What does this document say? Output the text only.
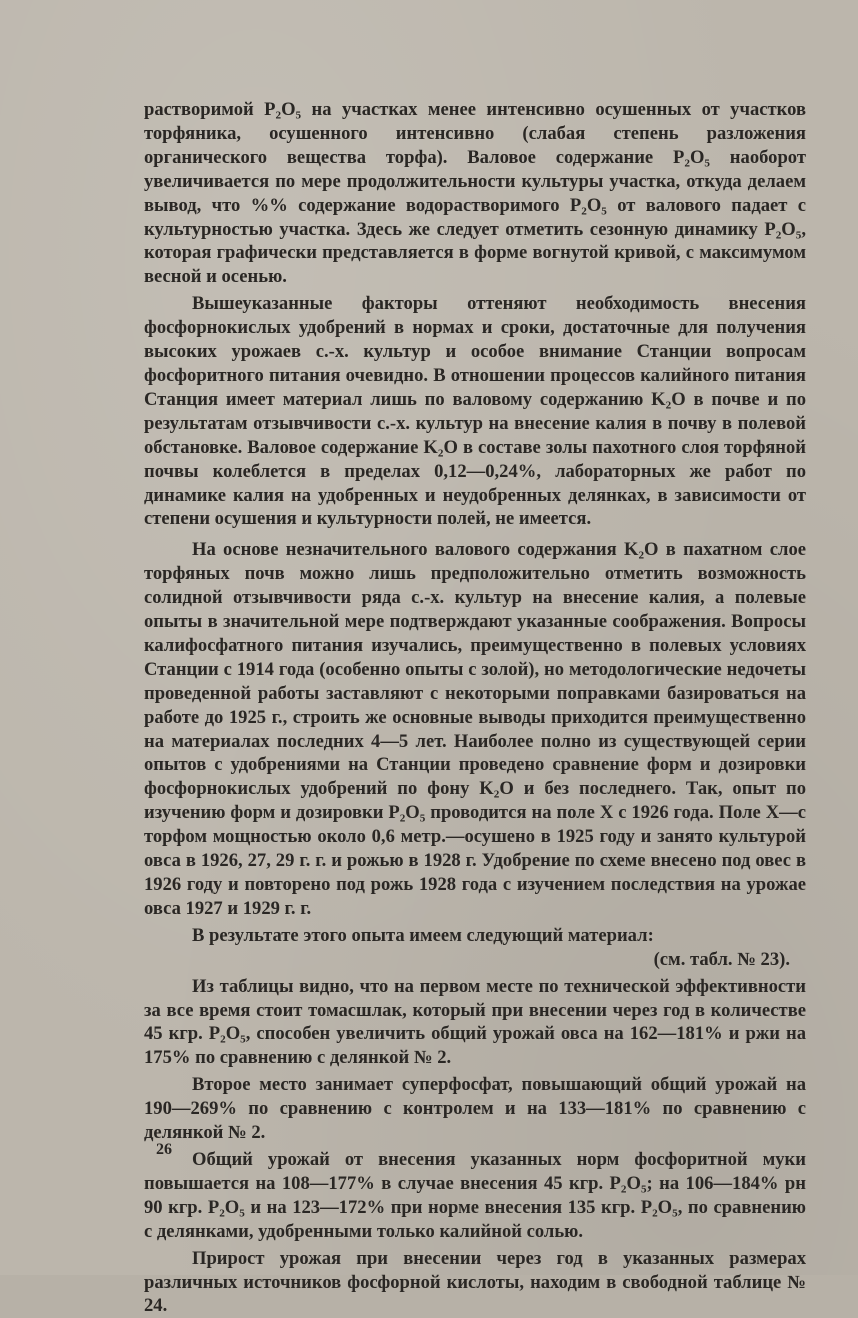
растворимой P₂O₅ на участках менее интенсивно осушенных от участков торфяника, осушенного интенсивно (слабая степень разложения органического вещества торфа). Валовое содержание P₂O₅ наоборот увеличивается по мере продолжительности культуры участка, откуда делаем вывод, что %% содержание водорастворимого P₂O₅ от валового падает с культурностью участка. Здесь же следует отметить сезонную динамику P₂O₅, которая графически представляется в форме вогнутой кривой, с максимумом весной и осенью.

Вышеуказанные факторы оттеняют необходимость внесения фосфорнокислых удобрений в нормах и сроки, достаточные для получения высоких урожаев с.-х. культур и особое внимание Станции вопросам фосфоритного питания очевидно. В отношении процессов калийного питания Станция имеет материал лишь по валовому содержанию K₂O в почве и по результатам отзывчивости с.-х. культур на внесение калия в почву в полевой обстановке. Валовое содержание K₂O в составе золы пахотного слоя торфяной почвы колеблется в пределах 0,12—0,24%, лабораторных же работ по динамике калия на удобренных и неудобренных делянках, в зависимости от степени осушения и культурности полей, не имеется.

На основе незначительного валового содержания K₂O в пахатном слое торфяных почв можно лишь предположительно отметить возможность солидной отзывчивости ряда с.-х. культур на внесение калия, а полевые опыты в значительной мере подтверждают указанные соображения. Вопросы калифосфатного питания изучались, преимущественно в полевых условиях Станции с 1914 года (особенно опыты с золой), но методологические недочеты проведенной работы заставляют с некоторыми поправками базироваться на работе до 1925 г., строить же основные выводы приходится преимущественно на материалах последних 4—5 лет. Наиболее полно из существующей серии опытов с удобрениями на Станции проведено сравнение форм и дозировки фосфорнокислых удобрений по фону K₂O и без последнего. Так, опыт по изучению форм и дозировки P₂O₅ проводится на поле X с 1926 года. Поле X—с торфом мощностью около 0,6 метр.—осушено в 1925 году и занято культурой овса в 1926, 27, 29 г. г. и рожью в 1928 г. Удобрение по схеме внесено под овес в 1926 году и повторено под рожь 1928 года с изучением последствия на урожае овса 1927 и 1929 г. г.

В результате этого опыта имеем следующий материал:

(см. табл. № 23).

Из таблицы видно, что на первом месте по технической эффективности за все время стоит томасшлак, который при внесении через год в количестве 45 кгр. P₂O₅, способен увеличить общий урожай овса на 162—181% и ржи на 175% по сравнению с делянкой № 2.

Второе место занимает суперфосфат, повышающий общий урожай на 190—269% по сравнению с контролем и на 133—181% по сравнению с делянкой № 2.

Общий урожай от внесения указанных норм фосфоритной муки повышается на 108—177% в случае внесения 45 кгр. P₂O₅; на 106—184% рн 90 кгр. P₂O₅ и на 123—172% при норме внесения 135 кгр. P₂O₅, по сравнению с делянками, удобренными только калийной солью.

Прирост урожая при внесении через год в указанных размерах различных источников фосфорной кислоты, находим в свободной таблице № 24.

26
